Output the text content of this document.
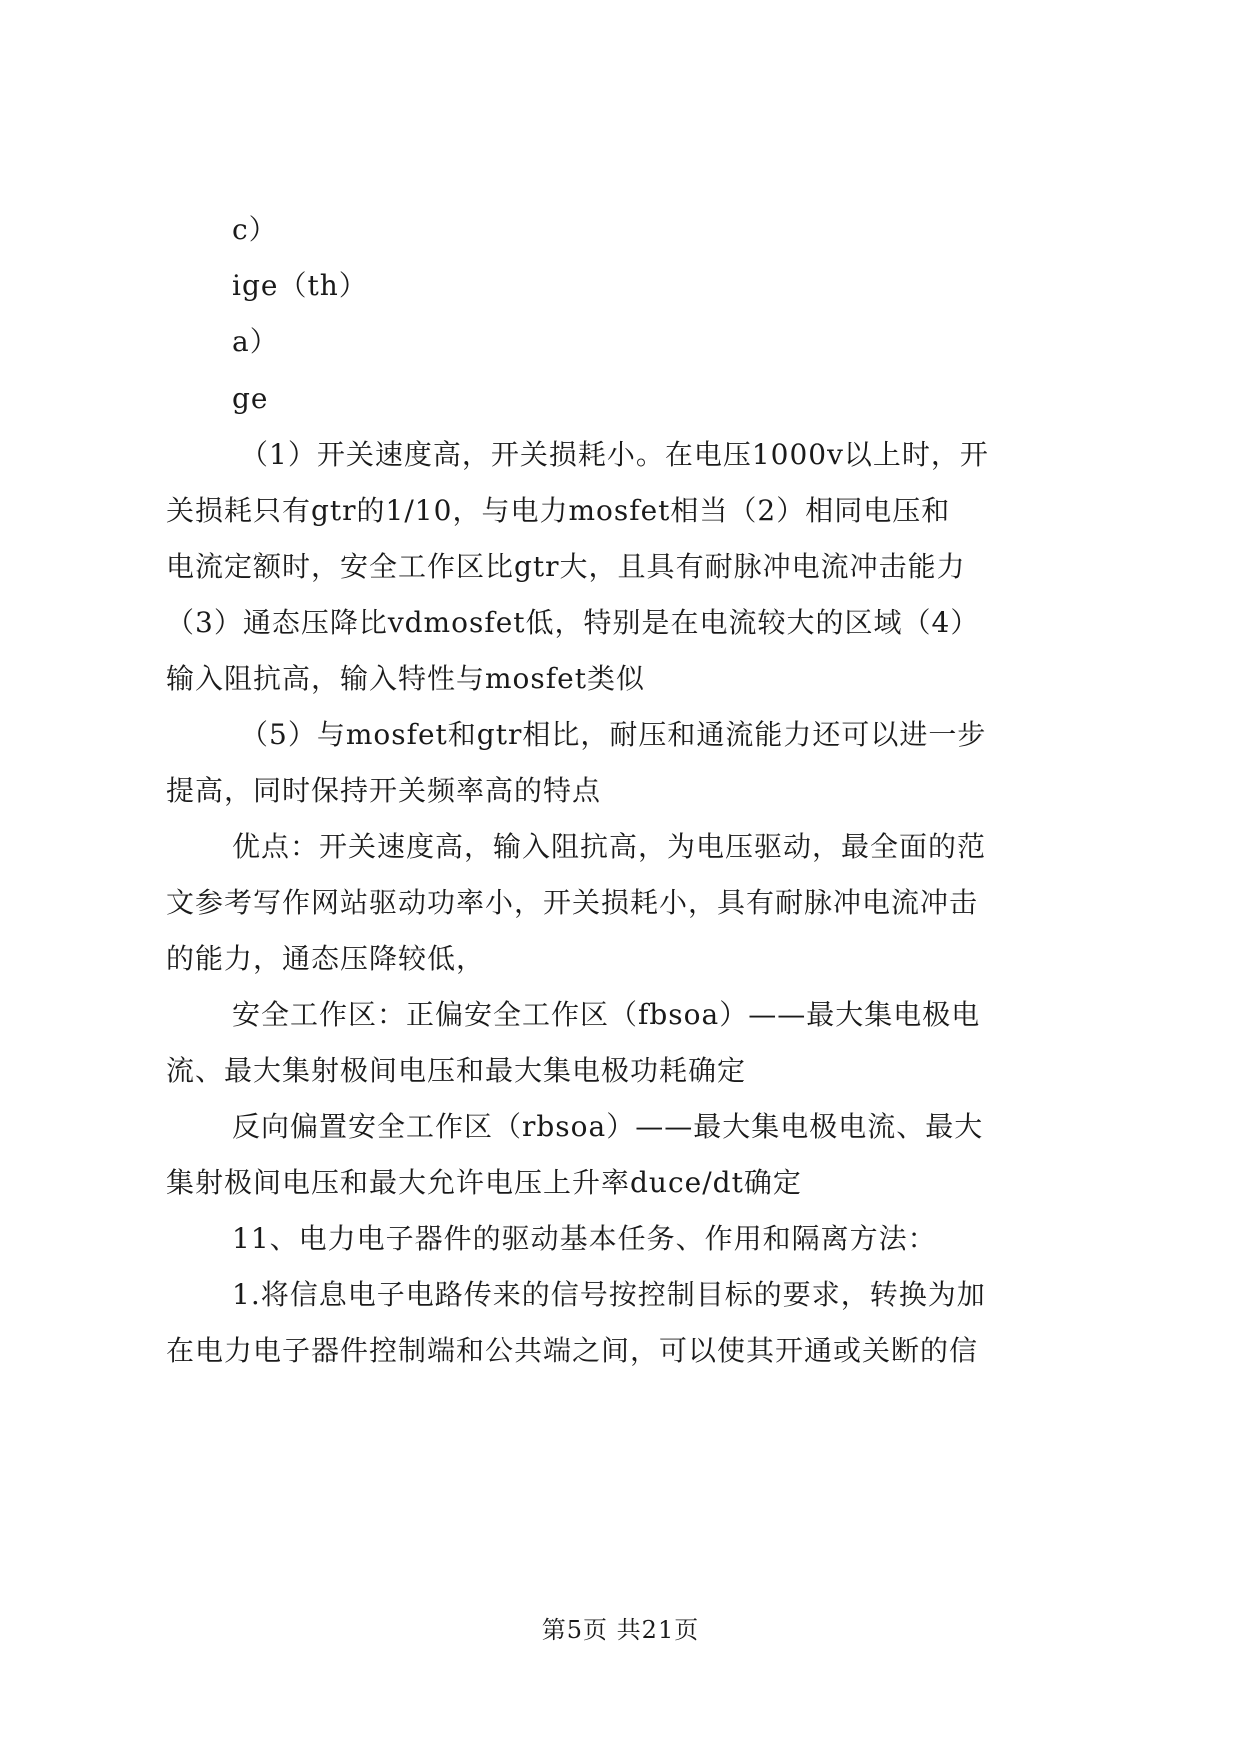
c）
ige（th）
a）
ge
（1）开关速度高，开关损耗小。在电压1000v以上时，开
关损耗只有gtr的1/10，与电力mosfet相当（2）相同电压和
电流定额时，安全工作区比gtr大，且具有耐脉冲电流冲击能力
（3）通态压降比vdmosfet低，特别是在电流较大的区域（4）
输入阻抗高，输入特性与mosfet类似
（5）与mosfet和gtr相比，耐压和通流能力还可以进一步
提高，同时保持开关频率高的特点
优点：开关速度高，输入阻抗高，为电压驱动，最全面的范
文参考写作网站驱动功率小，开关损耗小，具有耐脉冲电流冲击
的能力，通态压降较低，
安全工作区：正偏安全工作区（fbsoa）——最大集电极电
流、最大集射极间电压和最大集电极功耗确定
反向偏置安全工作区（rbsoa）——最大集电极电流、最大
集射极间电压和最大允许电压上升率duce/dt确定
11、电力电子器件的驱动基本任务、作用和隔离方法：
1.将信息电子电路传来的信号按控制目标的要求，转换为加
在电力电子器件控制端和公共端之间，可以使其开通或关断的信
第5页 共21页
